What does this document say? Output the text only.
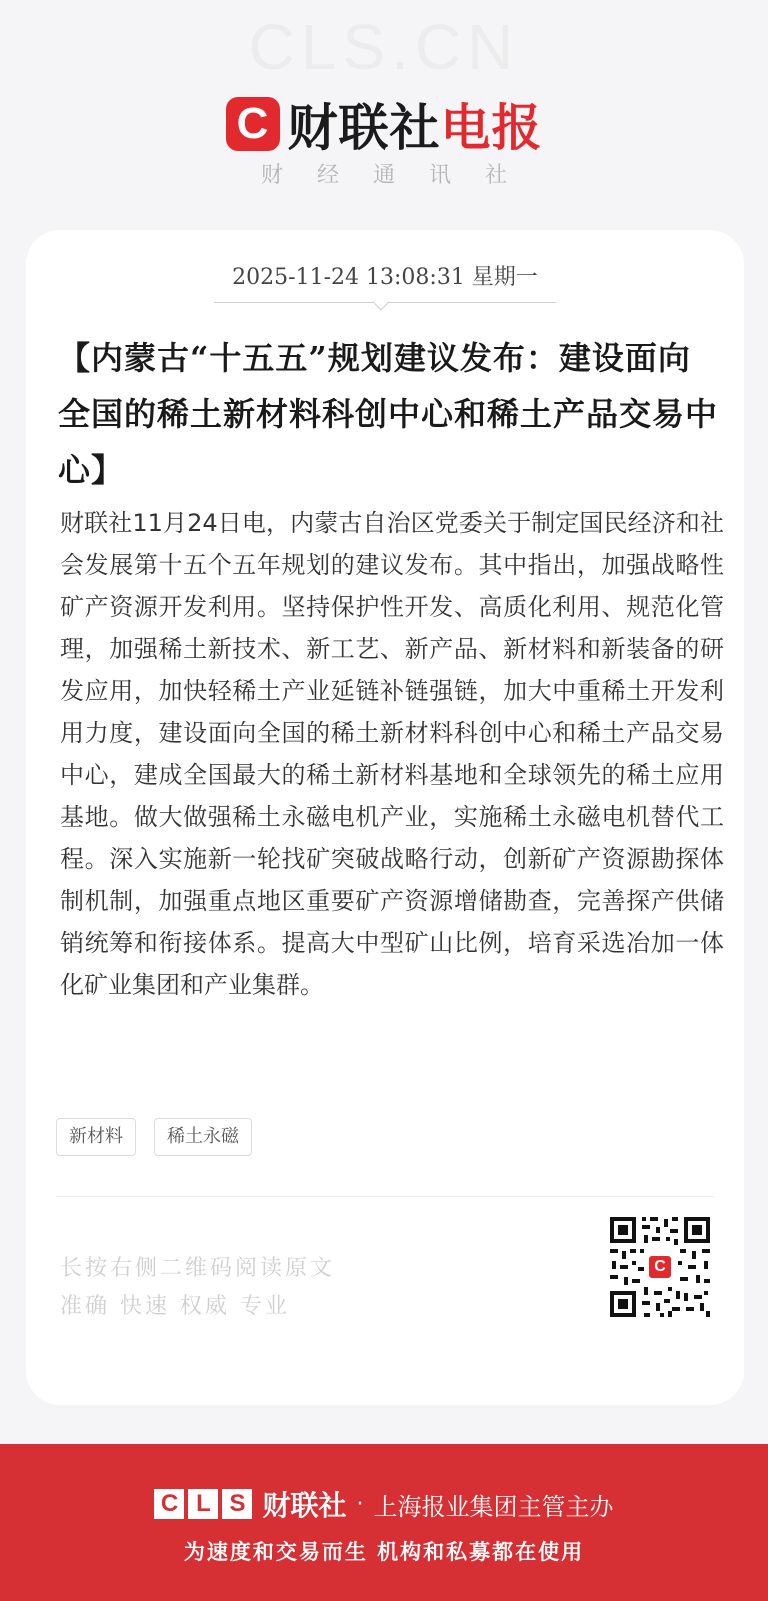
CLS.CN
C 财联社电报
财经通讯社
2025-11-24 13:08:31 星期一
【内蒙古“十五五”规划建议发布：建设面向全国的稀土新材料科创中心和稀土产品交易中心】
财联社11月24日电，内蒙古自治区党委关于制定国民经济和社会发展第十五个五年规划的建议发布。其中指出，加强战略性矿产资源开发利用。坚持保护性开发、高质化利用、规范化管理，加强稀土新技术、新工艺、新产品、新材料和新装备的研发应用，加快轻稀土产业延链补链强链，加大中重稀土开发利用力度，建设面向全国的稀土新材料科创中心和稀土产品交易中心，建成全国最大的稀土新材料基地和全球领先的稀土应用基地。做大做强稀土永磁电机产业，实施稀土永磁电机替代工程。深入实施新一轮找矿突破战略行动，创新矿产资源勘探体制机制，加强重点地区重要矿产资源增储勘查，完善探产供储销统筹和衔接体系。提高大中型矿山比例，培育采选冶加一体化矿业集团和产业集群。
新材料	稀土永磁
长按右侧二维码阅读原文
准确 快速 权威 专业
C
C L S 财联社 · 上海报业集团主管主办
为速度和交易而生 机构和私募都在使用
